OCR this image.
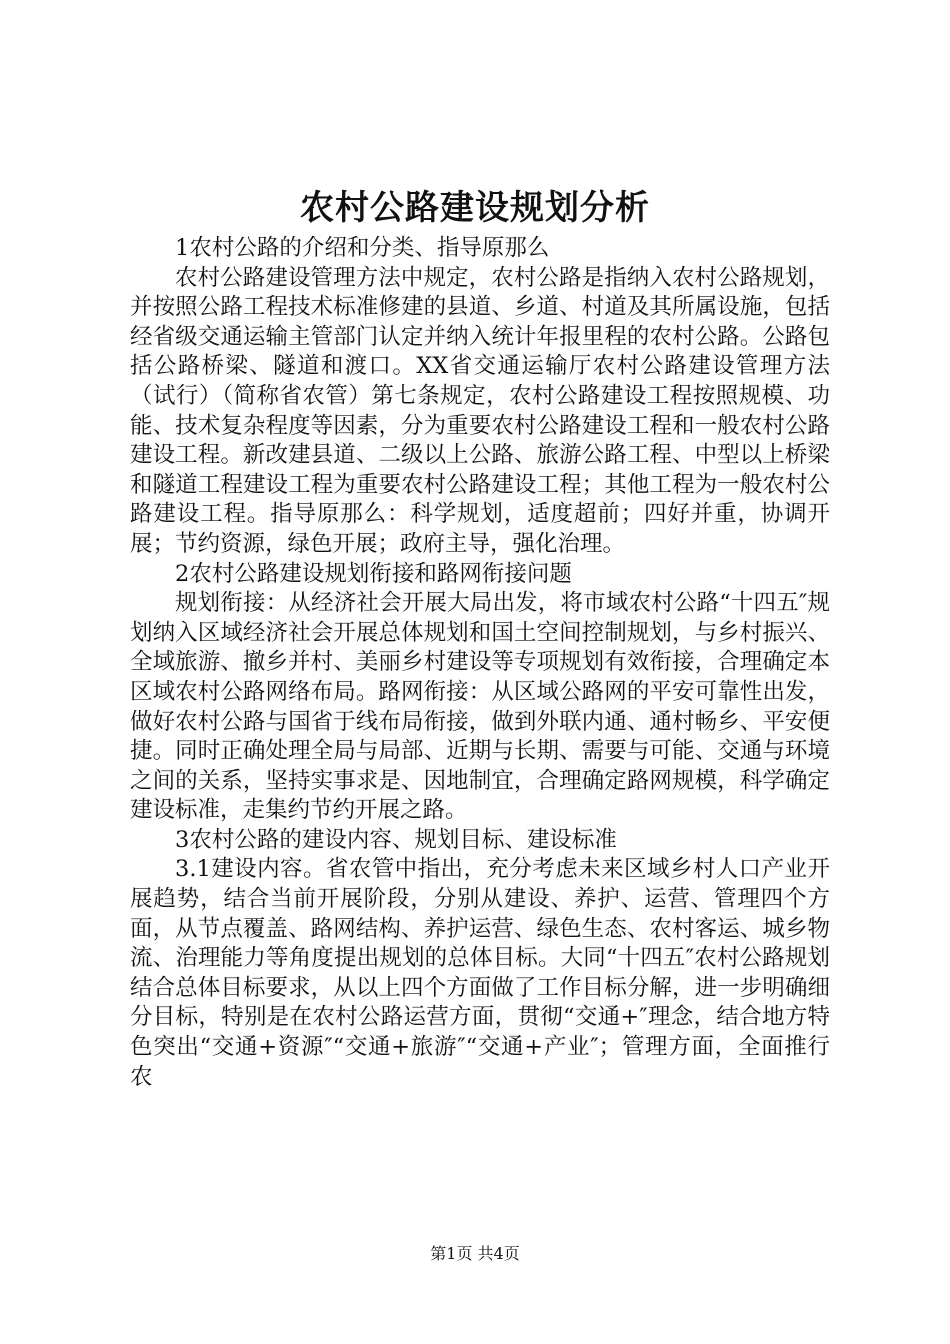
农村公路建设规划分析

1农村公路的介绍和分类、指导原那么

农村公路建设管理方法中规定，农村公路是指纳入农村公路规划，并按照公路工程技术标准修建的县道、乡道、村道及其所属设施，包括经省级交通运输主管部门认定并纳入统计年报里程的农村公路。公路包括公路桥梁、隧道和渡口。XX省交通运输厅农村公路建设管理方法（试行）（简称省农管）第七条规定，农村公路建设工程按照规模、功能、技术复杂程度等因素，分为重要农村公路建设工程和一般农村公路建设工程。新改建县道、二级以上公路、旅游公路工程、中型以上桥梁和隧道工程建设工程为重要农村公路建设工程；其他工程为一般农村公路建设工程。指导原那么：科学规划，适度超前；四好并重，协调开展；节约资源，绿色开展；政府主导，强化治理。

2农村公路建设规划衔接和路网衔接问题

规划衔接：从经济社会开展大局出发，将市域农村公路“十四五″规划纳入区域经济社会开展总体规划和国土空间控制规划，与乡村振兴、全域旅游、撤乡并村、美丽乡村建设等专项规划有效衔接，合理确定本区域农村公路网络布局。路网衔接：从区域公路网的平安可靠性出发，做好农村公路与国省于线布局衔接，做到外联内通、通村畅乡、平安便捷。同时正确处理全局与局部、近期与长期、需要与可能、交通与环境之间的关系，坚持实事求是、因地制宜，合理确定路网规模，科学确定建设标准，走集约节约开展之路。

3农村公路的建设内容、规划目标、建设标准

3.1建设内容。省农管中指出，充分考虑未来区域乡村人口产业开展趋势，结合当前开展阶段，分别从建设、养护、运营、管理四个方面，从节点覆盖、路网结构、养护运营、绿色生态、农村客运、城乡物流、治理能力等角度提出规划的总体目标。大同“十四五″农村公路规划结合总体目标要求，从以上四个方面做了工作目标分解，进一步明确细分目标，特别是在农村公路运营方面，贯彻“交通+″理念，结合地方特色突出“交通+资源″“交通+旅游″“交通+产业″；管理方面，全面推行农

第1页 共4页
